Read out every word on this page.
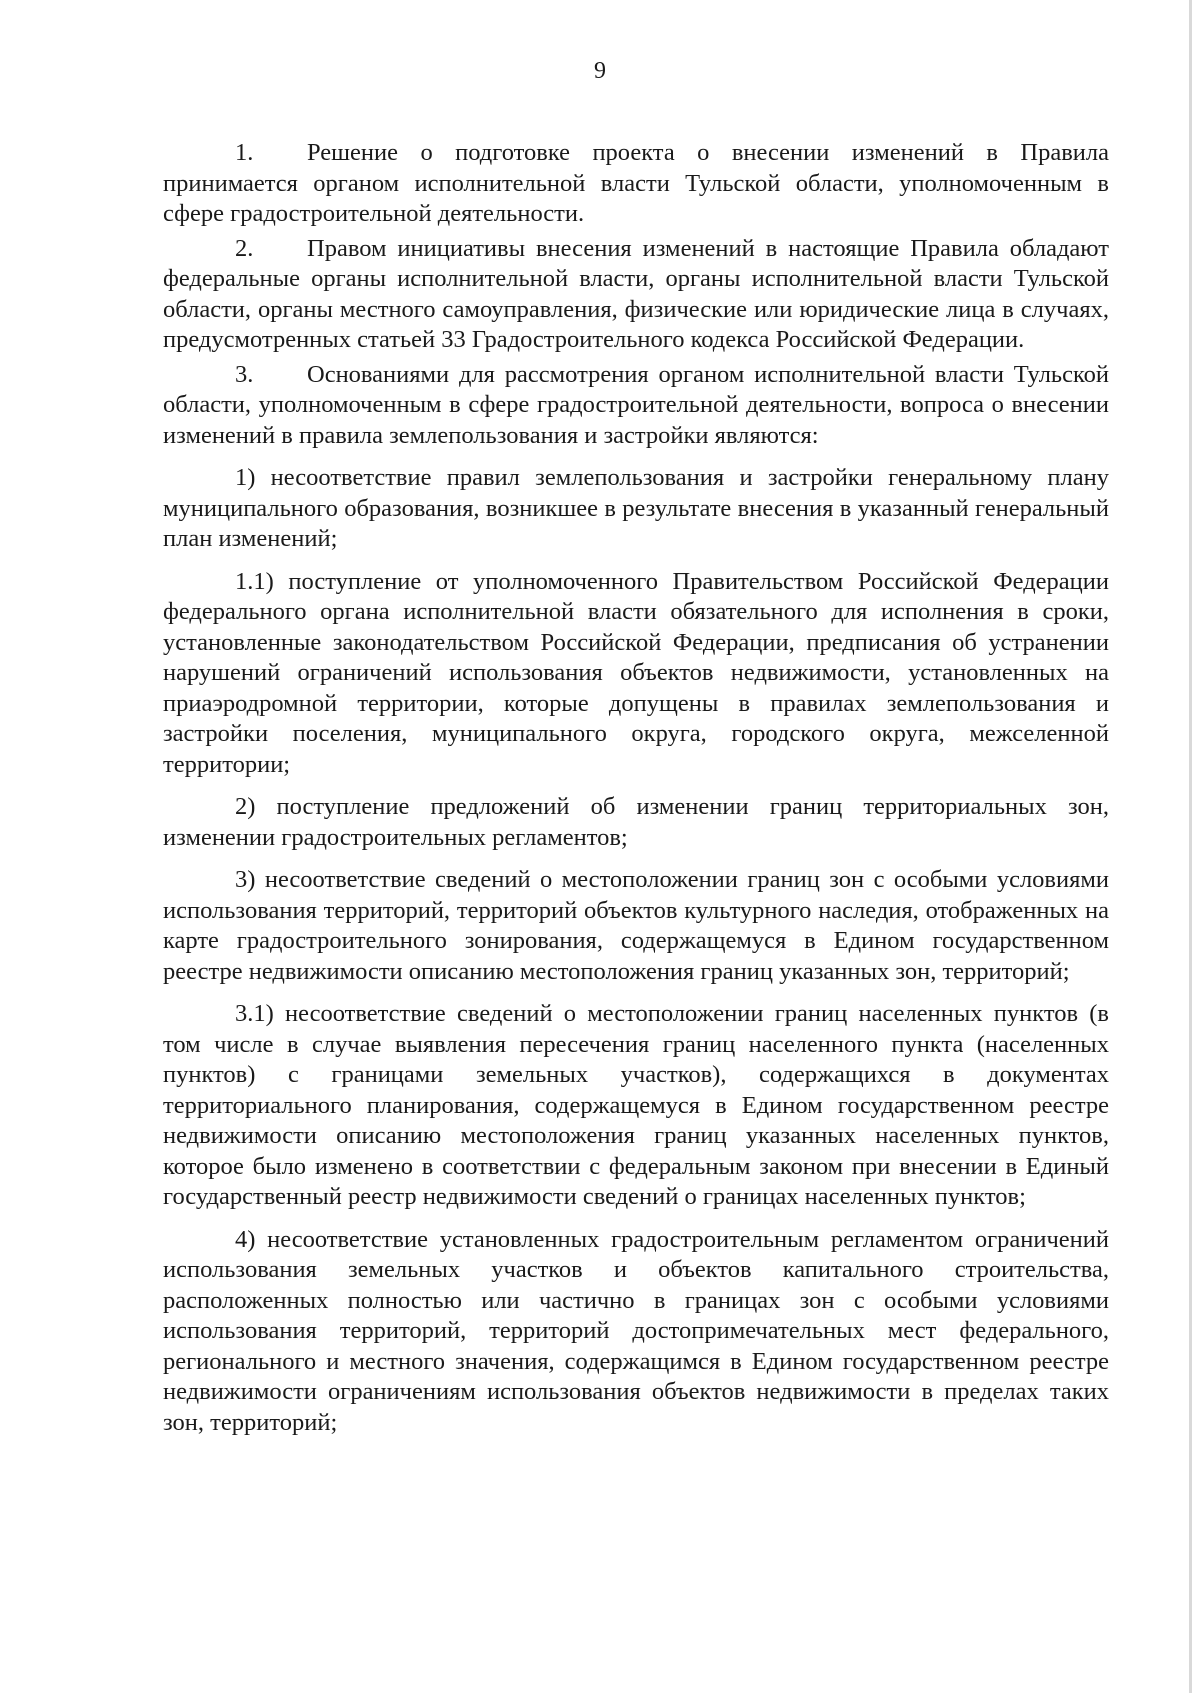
9

1. Решение о подготовке проекта о внесении изменений в Правила принимается органом исполнительной власти Тульской области, уполномоченным в сфере градостроительной деятельности.

2. Правом инициативы внесения изменений в настоящие Правила обладают федеральные органы исполнительной власти, органы исполнительной власти Тульской области, органы местного самоуправления, физические или юридические лица в случаях, предусмотренных статьей 33 Градостроительного кодекса Российской Федерации.

3. Основаниями для рассмотрения органом исполнительной власти Тульской области, уполномоченным в сфере градостроительной деятельности, вопроса о внесении изменений в правила землепользования и застройки являются:

1) несоответствие правил землепользования и застройки генеральному плану муниципального образования, возникшее в результате внесения в указанный генеральный план изменений;

1.1) поступление от уполномоченного Правительством Российской Федерации федерального органа исполнительной власти обязательного для исполнения в сроки, установленные законодательством Российской Федерации, предписания об устранении нарушений ограничений использования объектов недвижимости, установленных на приаэродромной территории, которые допущены в правилах землепользования и застройки поселения, муниципального округа, городского округа, межселенной территории;

2) поступление предложений об изменении границ территориальных зон, изменении градостроительных регламентов;

3) несоответствие сведений о местоположении границ зон с особыми условиями использования территорий, территорий объектов культурного наследия, отображенных на карте градостроительного зонирования, содержащемуся в Едином государственном реестре недвижимости описанию местоположения границ указанных зон, территорий;

3.1) несоответствие сведений о местоположении границ населенных пунктов (в том числе в случае выявления пересечения границ населенного пункта (населенных пунктов) с границами земельных участков), содержащихся в документах территориального планирования, содержащемуся в Едином государственном реестре недвижимости описанию местоположения границ указанных населенных пунктов, которое было изменено в соответствии с федеральным законом при внесении в Единый государственный реестр недвижимости сведений о границах населенных пунктов;

4) несоответствие установленных градостроительным регламентом ограничений использования земельных участков и объектов капитального строительства, расположенных полностью или частично в границах зон с особыми условиями использования территорий, территорий достопримечательных мест федерального, регионального и местного значения, содержащимся в Едином государственном реестре недвижимости ограничениям использования объектов недвижимости в пределах таких зон, территорий;
